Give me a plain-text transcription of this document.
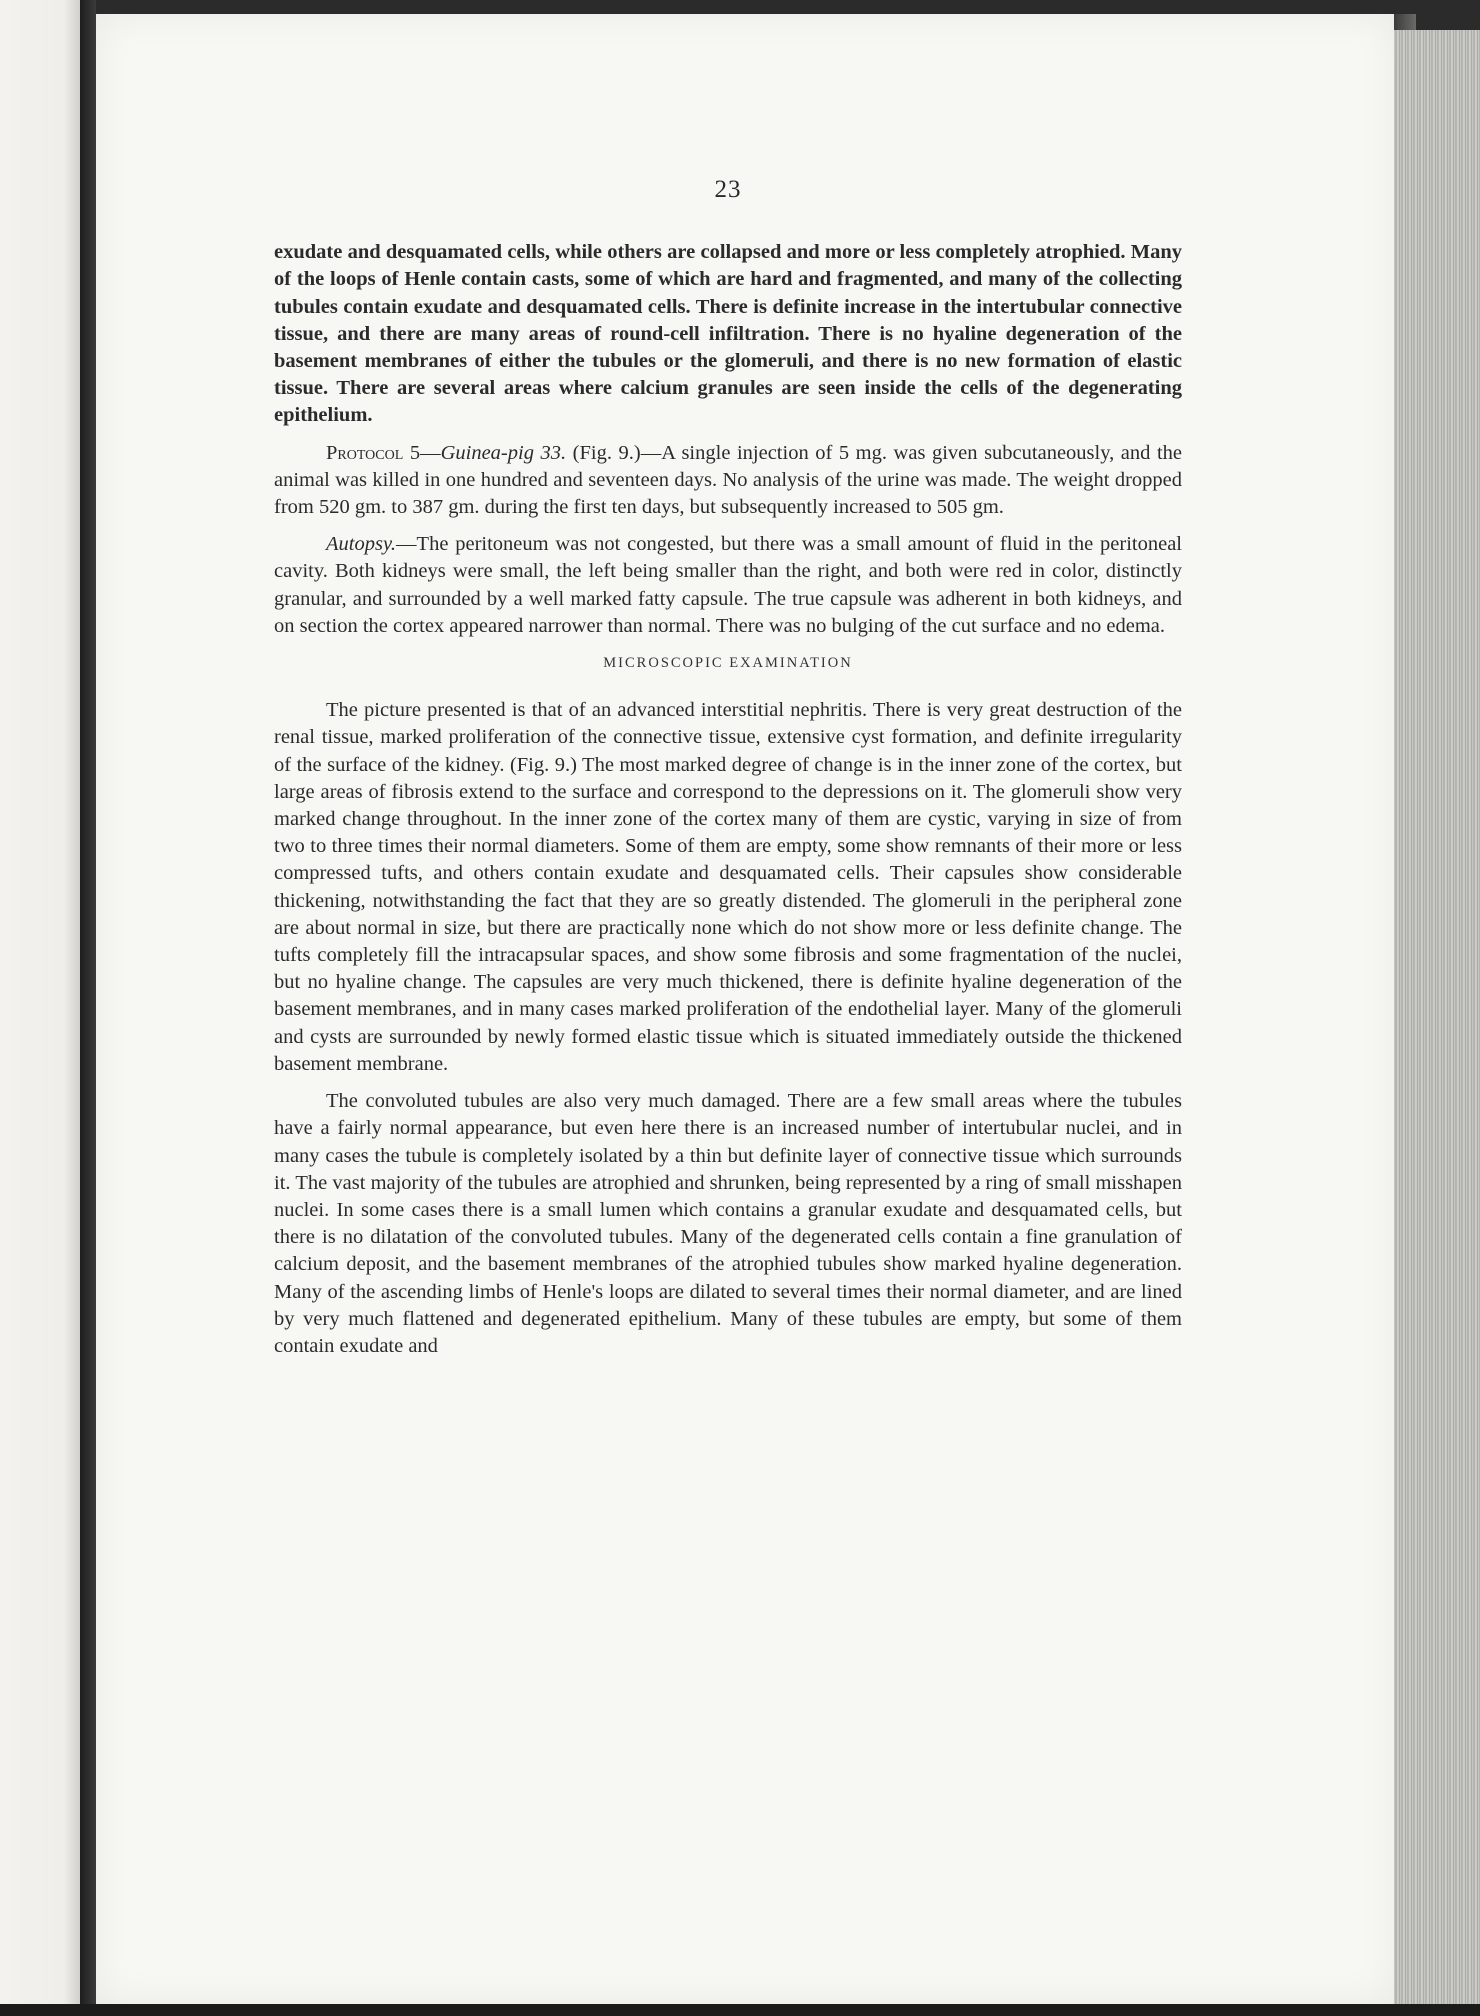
23

exudate and desquamated cells, while others are collapsed and more or less completely atrophied. Many of the loops of Henle contain casts, some of which are hard and fragmented, and many of the collecting tubules contain exudate and desquamated cells. There is definite increase in the intertubular connective tissue, and there are many areas of round-cell infiltration. There is no hyaline degeneration of the basement membranes of either the tubules or the glomeruli, and there is no new formation of elastic tissue. There are several areas where calcium granules are seen inside the cells of the degenerating epithelium.

Protocol 5—Guinea-pig 33. (Fig. 9.)—A single injection of 5 mg. was given subcutaneously, and the animal was killed in one hundred and seventeen days. No analysis of the urine was made. The weight dropped from 520 gm. to 387 gm. during the first ten days, but subsequently increased to 505 gm.

Autopsy.—The peritoneum was not congested, but there was a small amount of fluid in the peritoneal cavity. Both kidneys were small, the left being smaller than the right, and both were red in color, distinctly granular, and surrounded by a well marked fatty capsule. The true capsule was adherent in both kidneys, and on section the cortex appeared narrower than normal. There was no bulging of the cut surface and no edema.

MICROSCOPIC EXAMINATION

The picture presented is that of an advanced interstitial nephritis. There is very great destruction of the renal tissue, marked proliferation of the connective tissue, extensive cyst formation, and definite irregularity of the surface of the kidney. (Fig. 9.) The most marked degree of change is in the inner zone of the cortex, but large areas of fibrosis extend to the surface and correspond to the depressions on it. The glomeruli show very marked change throughout. In the inner zone of the cortex many of them are cystic, varying in size of from two to three times their normal diameters. Some of them are empty, some show remnants of their more or less compressed tufts, and others contain exudate and desquamated cells. Their capsules show considerable thickening, notwithstanding the fact that they are so greatly distended. The glomeruli in the peripheral zone are about normal in size, but there are practically none which do not show more or less definite change. The tufts completely fill the intracapsular spaces, and show some fibrosis and some fragmentation of the nuclei, but no hyaline change. The capsules are very much thickened, there is definite hyaline degeneration of the basement membranes, and in many cases marked proliferation of the endothelial layer. Many of the glomeruli and cysts are surrounded by newly formed elastic tissue which is situated immediately outside the thickened basement membrane.

The convoluted tubules are also very much damaged. There are a few small areas where the tubules have a fairly normal appearance, but even here there is an increased number of intertubular nuclei, and in many cases the tubule is completely isolated by a thin but definite layer of connective tissue which surrounds it. The vast majority of the tubules are atrophied and shrunken, being represented by a ring of small misshapen nuclei. In some cases there is a small lumen which contains a granular exudate and desquamated cells, but there is no dilatation of the convoluted tubules. Many of the degenerated cells contain a fine granulation of calcium deposit, and the basement membranes of the atrophied tubules show marked hyaline degeneration. Many of the ascending limbs of Henle's loops are dilated to several times their normal diameter, and are lined by very much flattened and degenerated epithelium. Many of these tubules are empty, but some of them contain exudate and
